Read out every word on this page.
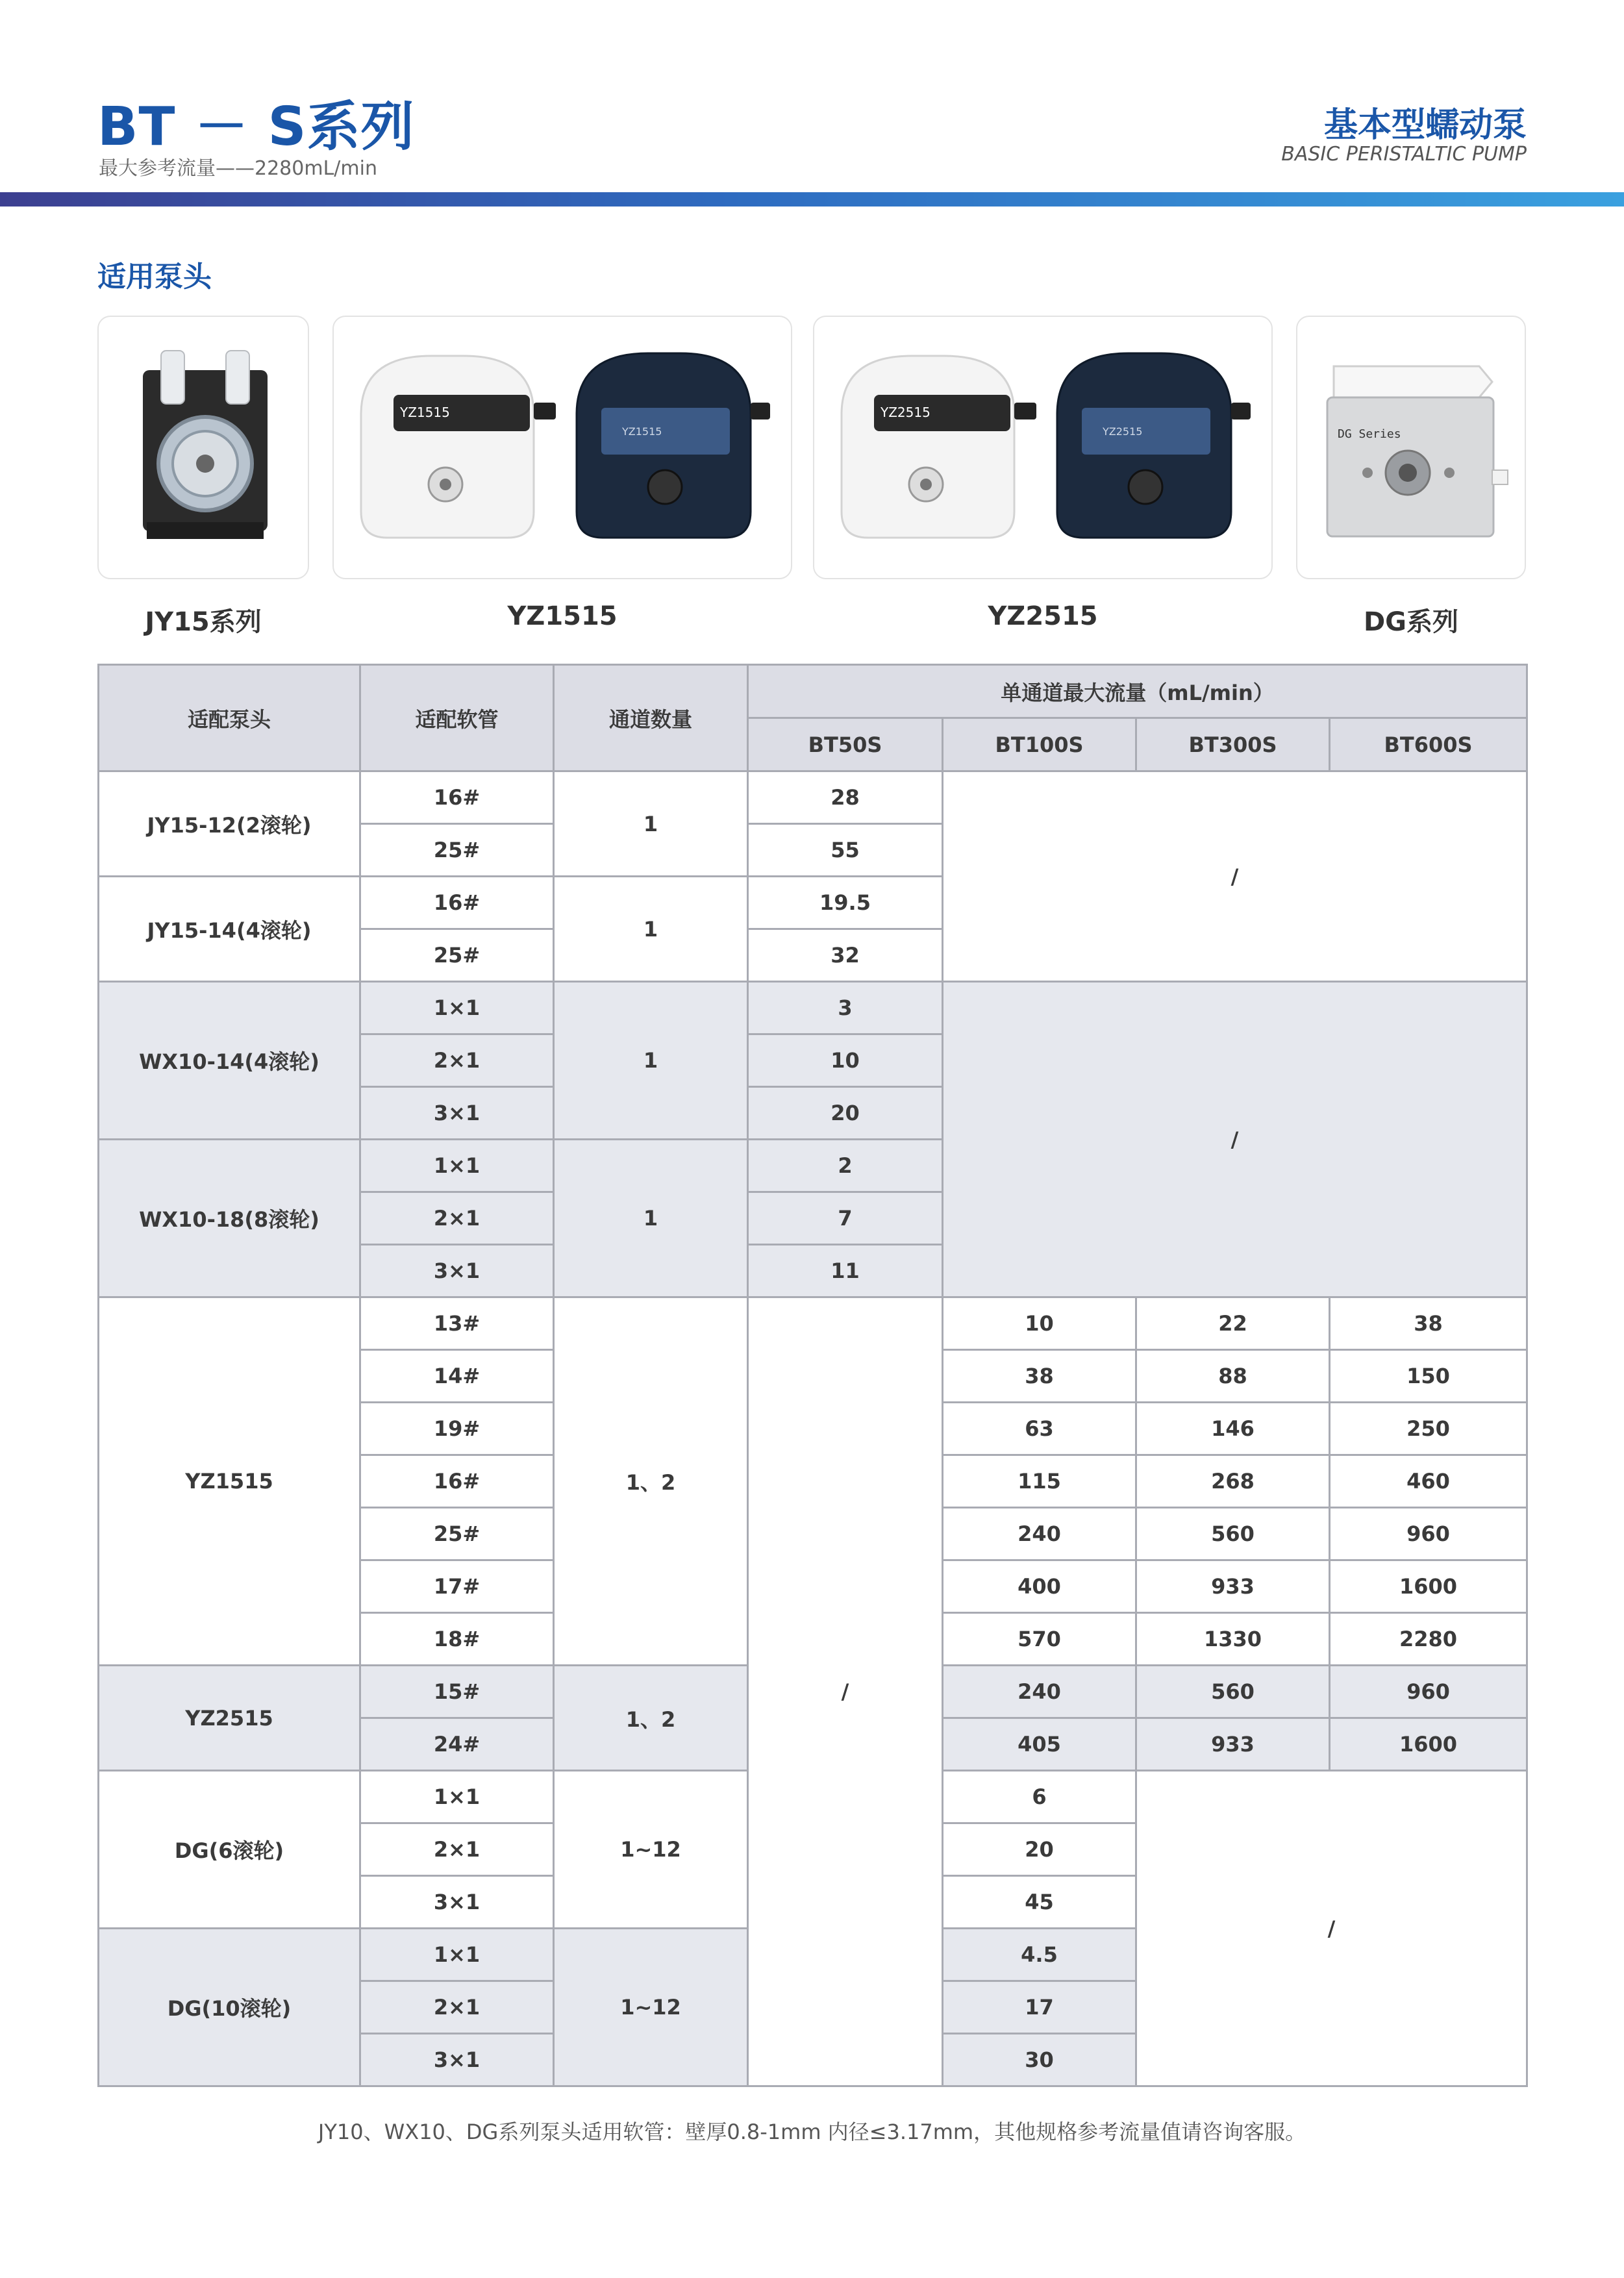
BT － S系列
最大参考流量——2280mL/min
基本型蠕动泵
BASIC PERISTALTIC PUMP
适用泵头
YZ1515
YZ1515
YZ2515
YZ2515	DG Series
JY15系列	YZ1515	YZ2515	DG系列
适配泵头	适配软管	通道数量	单通道最大流量（mL/min）			
			BT50S	BT100S	BT300S	BT600S
JY15-12(2滚轮)	16#	1	28	/		
	25#		55			
JY15-14(4滚轮)	16#	1	19.5			
	25#		32			
WX10-14(4滚轮)	1×1	1	3	/		
	2×1		10			
	3×1		20			
WX10-18(8滚轮)	1×1	1	2			
	2×1		7			
	3×1		11			
YZ1515	13#	1、2	/	10	22	38
	14#			38	88	150
	19#			63	146	250
	16#			115	268	460
	25#			240	560	960
	17#			400	933	1600
	18#			570	1330	2280
YZ2515	15#	1、2		240	560	960
	24#			405	933	1600
DG(6滚轮)	1×1	1~12		6	/	
	2×1			20		
	3×1			45		
DG(10滚轮)	1×1	1~12		4.5		
	2×1			17		
	3×1			30		
JY10、WX10、DG系列泵头适用软管：壁厚0.8-1mm 内径≤3.17mm，其他规格参考流量值请咨询客服。
